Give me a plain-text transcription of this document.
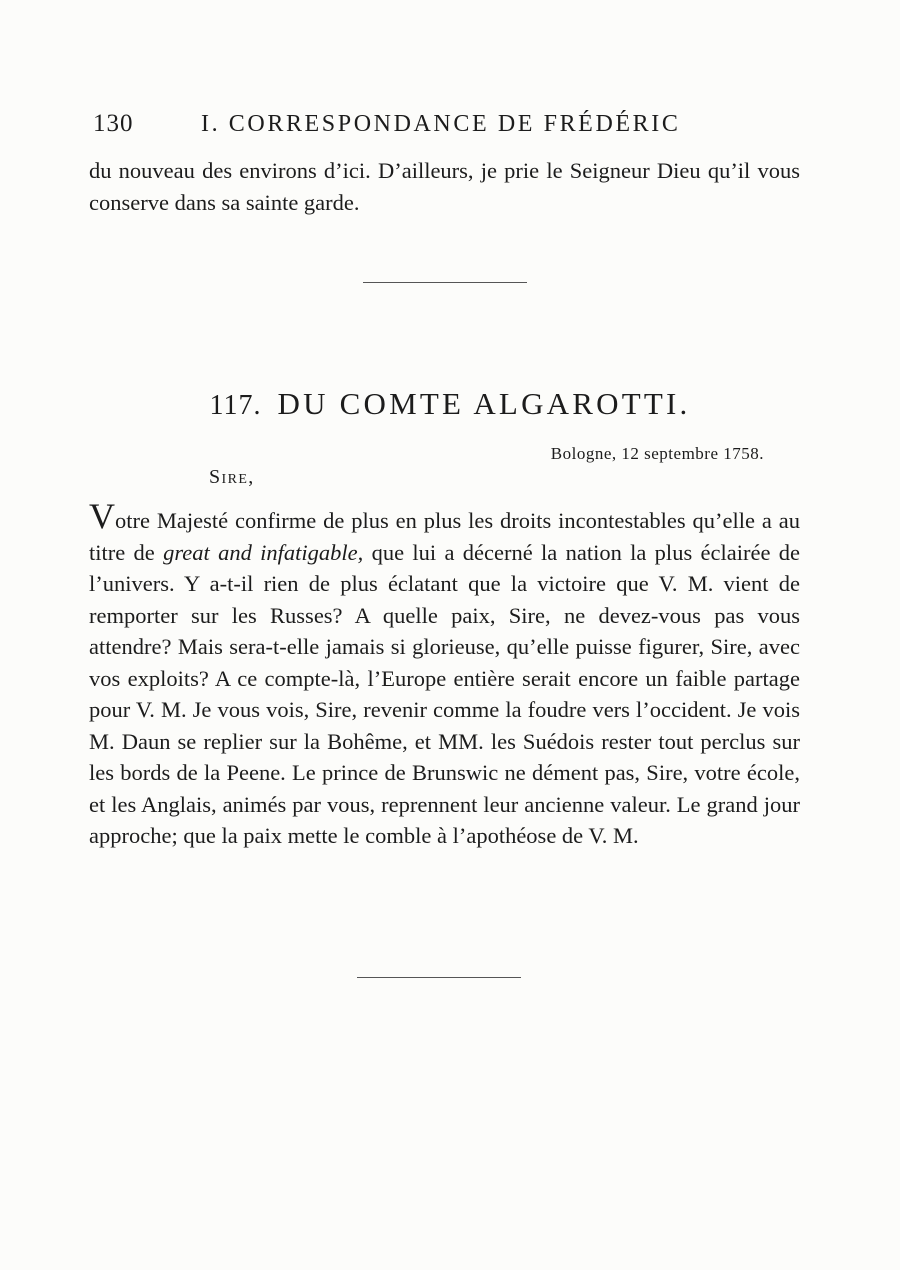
130	I. CORRESPONDANCE DE FRÉDÉRIC

du nouveau des environs d’ici. D’ailleurs, je prie le Seigneur Dieu qu’il vous conserve dans sa sainte garde.

117. DU COMTE ALGAROTTI.
Bologne, 12 septembre 1758.
Sire,

Votre Majesté confirme de plus en plus les droits incontestables qu’elle a au titre de great and infatigable, que lui a décerné la nation la plus éclairée de l’univers. Y a-t-il rien de plus éclatant que la victoire que V. M. vient de remporter sur les Russes? A quelle paix, Sire, ne devez-vous pas vous attendre? Mais sera-t-elle jamais si glorieuse, qu’elle puisse figurer, Sire, avec vos exploits? A ce compte-là, l’Europe entière serait encore un faible partage pour V. M. Je vous vois, Sire, revenir comme la foudre vers l’occident. Je vois M. Daun se replier sur la Bohême, et MM. les Suédois rester tout perclus sur les bords de la Peene. Le prince de Brunswic ne dément pas, Sire, votre école, et les Anglais, animés par vous, reprennent leur ancienne valeur. Le grand jour approche; que la paix mette le comble à l’apothéose de V. M.
